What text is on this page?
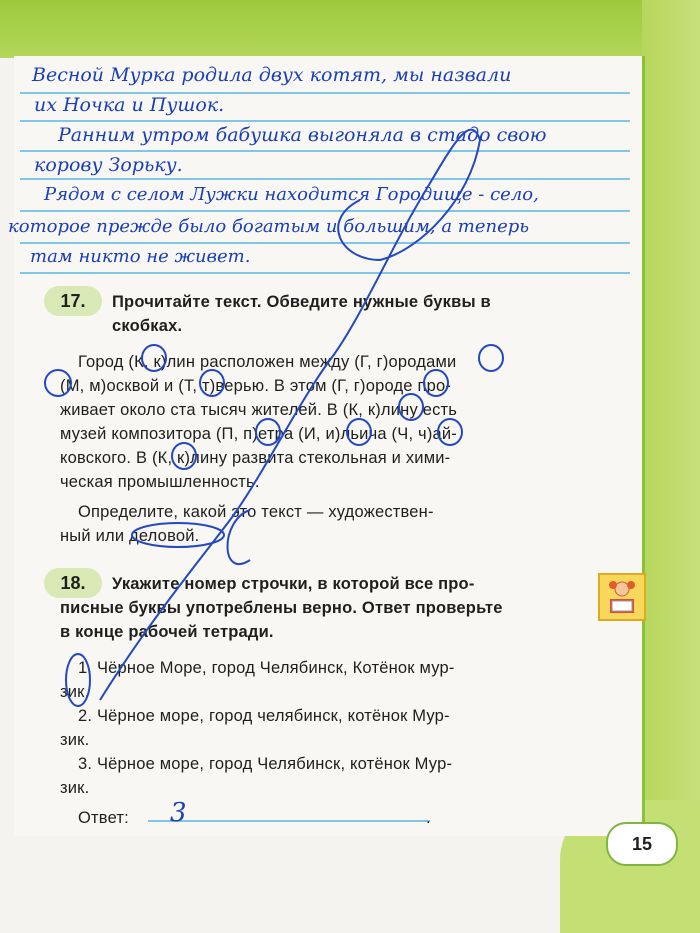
Весной Мурка родила двух котят, мы назвали
их Ночка и Пушок.
Ранним утром бабушка выгоняла в стадо свою
корову Зорьку.
Рядом с селом Лужки находится Городище - село,
которое прежде было богатым и большим, а теперь
там никто не живет.
17.	Прочитайте текст. Обведите нужные буквы в скобках.
Город (К, к)лин расположен между (Г, г)ородами
(М, м)осквой и (Т, т)верью. В этом (Г, г)ороде про-
живает около ста тысяч жителей. В (К, к)лину есть
музей композитора (П, п)етра (И, и)льича (Ч, ч)ай-
ковского. В (К, к)лину развита стекольная и хими-
ческая промышленность.
Определите, какой это текст — художествен-
ный или деловой.
18.	Укажите номер строчки, в которой все про-
писные буквы употреблены верно. Ответ проверьте
в конце рабочей тетради.
1. Чёрное Море, город Челябинск, Котёнок мур-
зик.
2. Чёрное море, город челябинск, котёнок Мур-
зик.
3. Чёрное море, город Челябинск, котёнок Мур-
зик.
Ответ:	3	.
15
